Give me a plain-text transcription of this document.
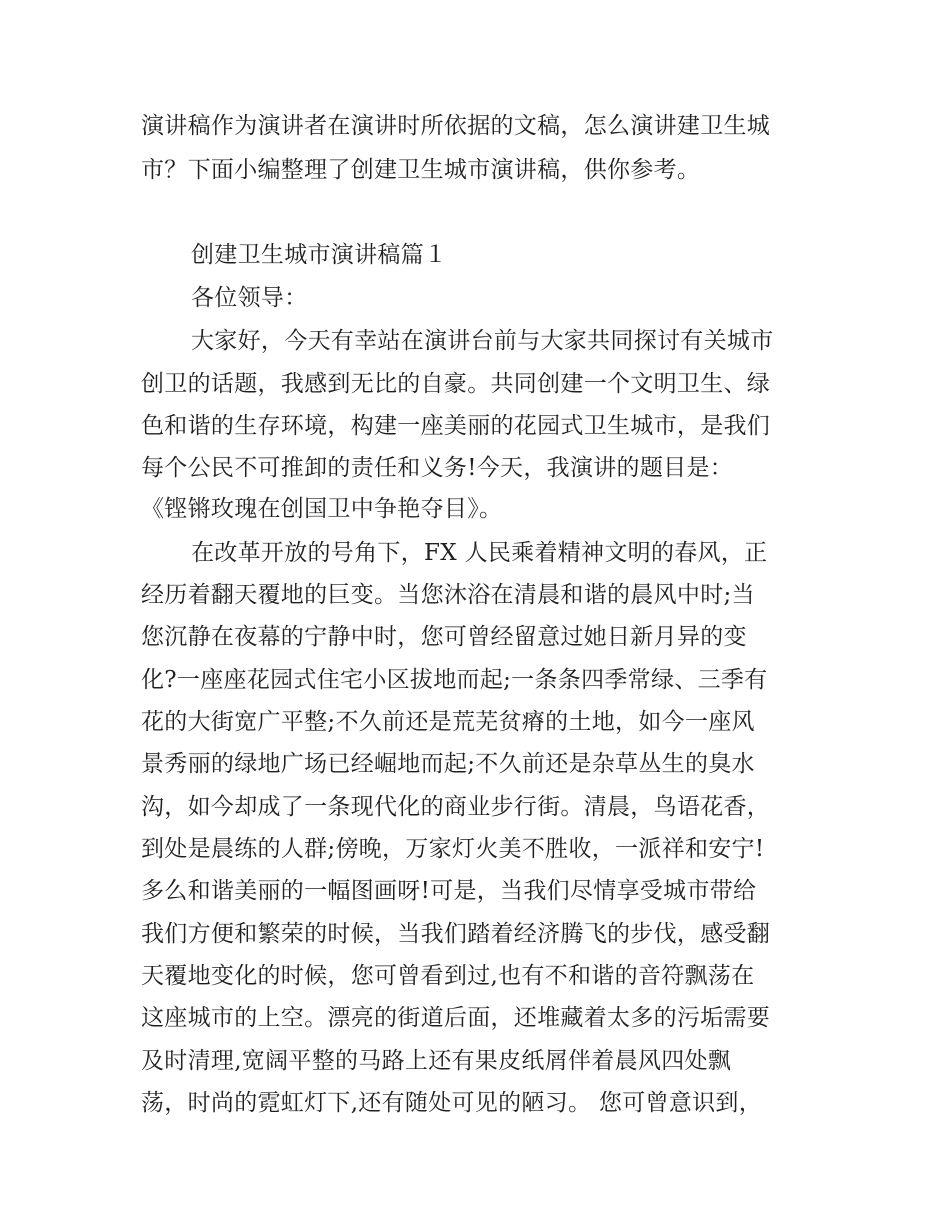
演讲稿作为演讲者在演讲时所依据的文稿，怎么演讲建卫生城
市？下面小编整理了创建卫生城市演讲稿，供你参考。
创建卫生城市演讲稿篇１
各位领导：
大家好，今天有幸站在演讲台前与大家共同探讨有关城市
创卫的话题，我感到无比的自豪。共同创建一个文明卫生、绿
色和谐的生存环境，构建一座美丽的花园式卫生城市，是我们
每个公民不可推卸的责任和义务!今天，我演讲的题目是：
《铿锵玫瑰在创国卫中争艳夺目》。
在改革开放的号角下，FX 人民乘着精神文明的春风，正
经历着翻天覆地的巨变。当您沐浴在清晨和谐的晨风中时;当
您沉静在夜幕的宁静中时，您可曾经留意过她日新月异的变
化?一座座花园式住宅小区拔地而起;一条条四季常绿、三季有
花的大街宽广平整;不久前还是荒芜贫瘠的土地，如今一座风
景秀丽的绿地广场已经崛地而起;不久前还是杂草丛生的臭水
沟，如今却成了一条现代化的商业步行街。清晨，鸟语花香，
到处是晨练的人群;傍晚，万家灯火美不胜收，一派祥和安宁!
多么和谐美丽的一幅图画呀!可是，当我们尽情享受城市带给
我们方便和繁荣的时候，当我们踏着经济腾飞的步伐，感受翻
天覆地变化的时候，您可曾看到过,也有不和谐的音符飘荡在
这座城市的上空。漂亮的街道后面，还堆藏着太多的污垢需要
及时清理,宽阔平整的马路上还有果皮纸屑伴着晨风四处飘
荡，时尚的霓虹灯下,还有随处可见的陋习。 您可曾意识到，
